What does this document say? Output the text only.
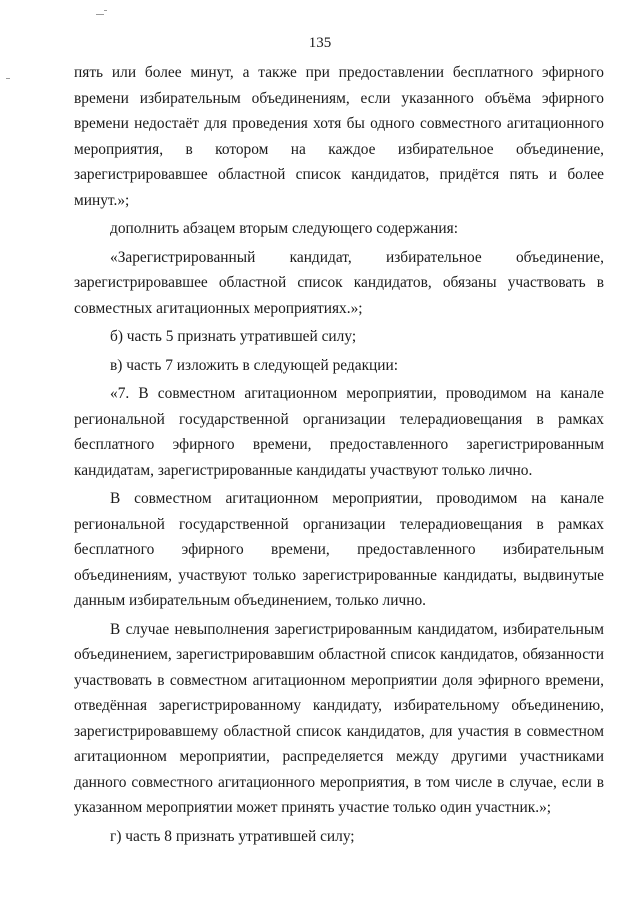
135

пять или более минут, а также при предоставлении бесплатного эфирного времени избирательным объединениям, если указанного объёма эфирного времени недостаёт для проведения хотя бы одного совместного агитационного мероприятия, в котором на каждое избирательное объединение, зарегистрировавшее областной список кандидатов, придётся пять и более минут.»;

дополнить абзацем вторым следующего содержания:

«Зарегистрированный кандидат, избирательное объединение, зарегистрировавшее областной список кандидатов, обязаны участвовать в совместных агитационных мероприятиях.»;

б) часть 5 признать утратившей силу;

в) часть 7 изложить в следующей редакции:

«7. В совместном агитационном мероприятии, проводимом на канале региональной государственной организации телерадиовещания в рамках бесплатного эфирного времени, предоставленного зарегистрированным кандидатам, зарегистрированные кандидаты участвуют только лично.

В совместном агитационном мероприятии, проводимом на канале региональной государственной организации телерадиовещания в рамках бесплатного эфирного времени, предоставленного избирательным объединениям, участвуют только зарегистрированные кандидаты, выдвинутые данным избирательным объединением, только лично.

В случае невыполнения зарегистрированным кандидатом, избирательным объединением, зарегистрировавшим областной список кандидатов, обязанности участвовать в совместном агитационном мероприятии доля эфирного времени, отведённая зарегистрированному кандидату, избирательному объединению, зарегистрировавшему областной список кандидатов, для участия в совместном агитационном мероприятии, распределяется между другими участниками данного совместного агитационного мероприятия, в том числе в случае, если в указанном мероприятии может принять участие только один участник.»;

г) часть 8 признать утратившей силу;
